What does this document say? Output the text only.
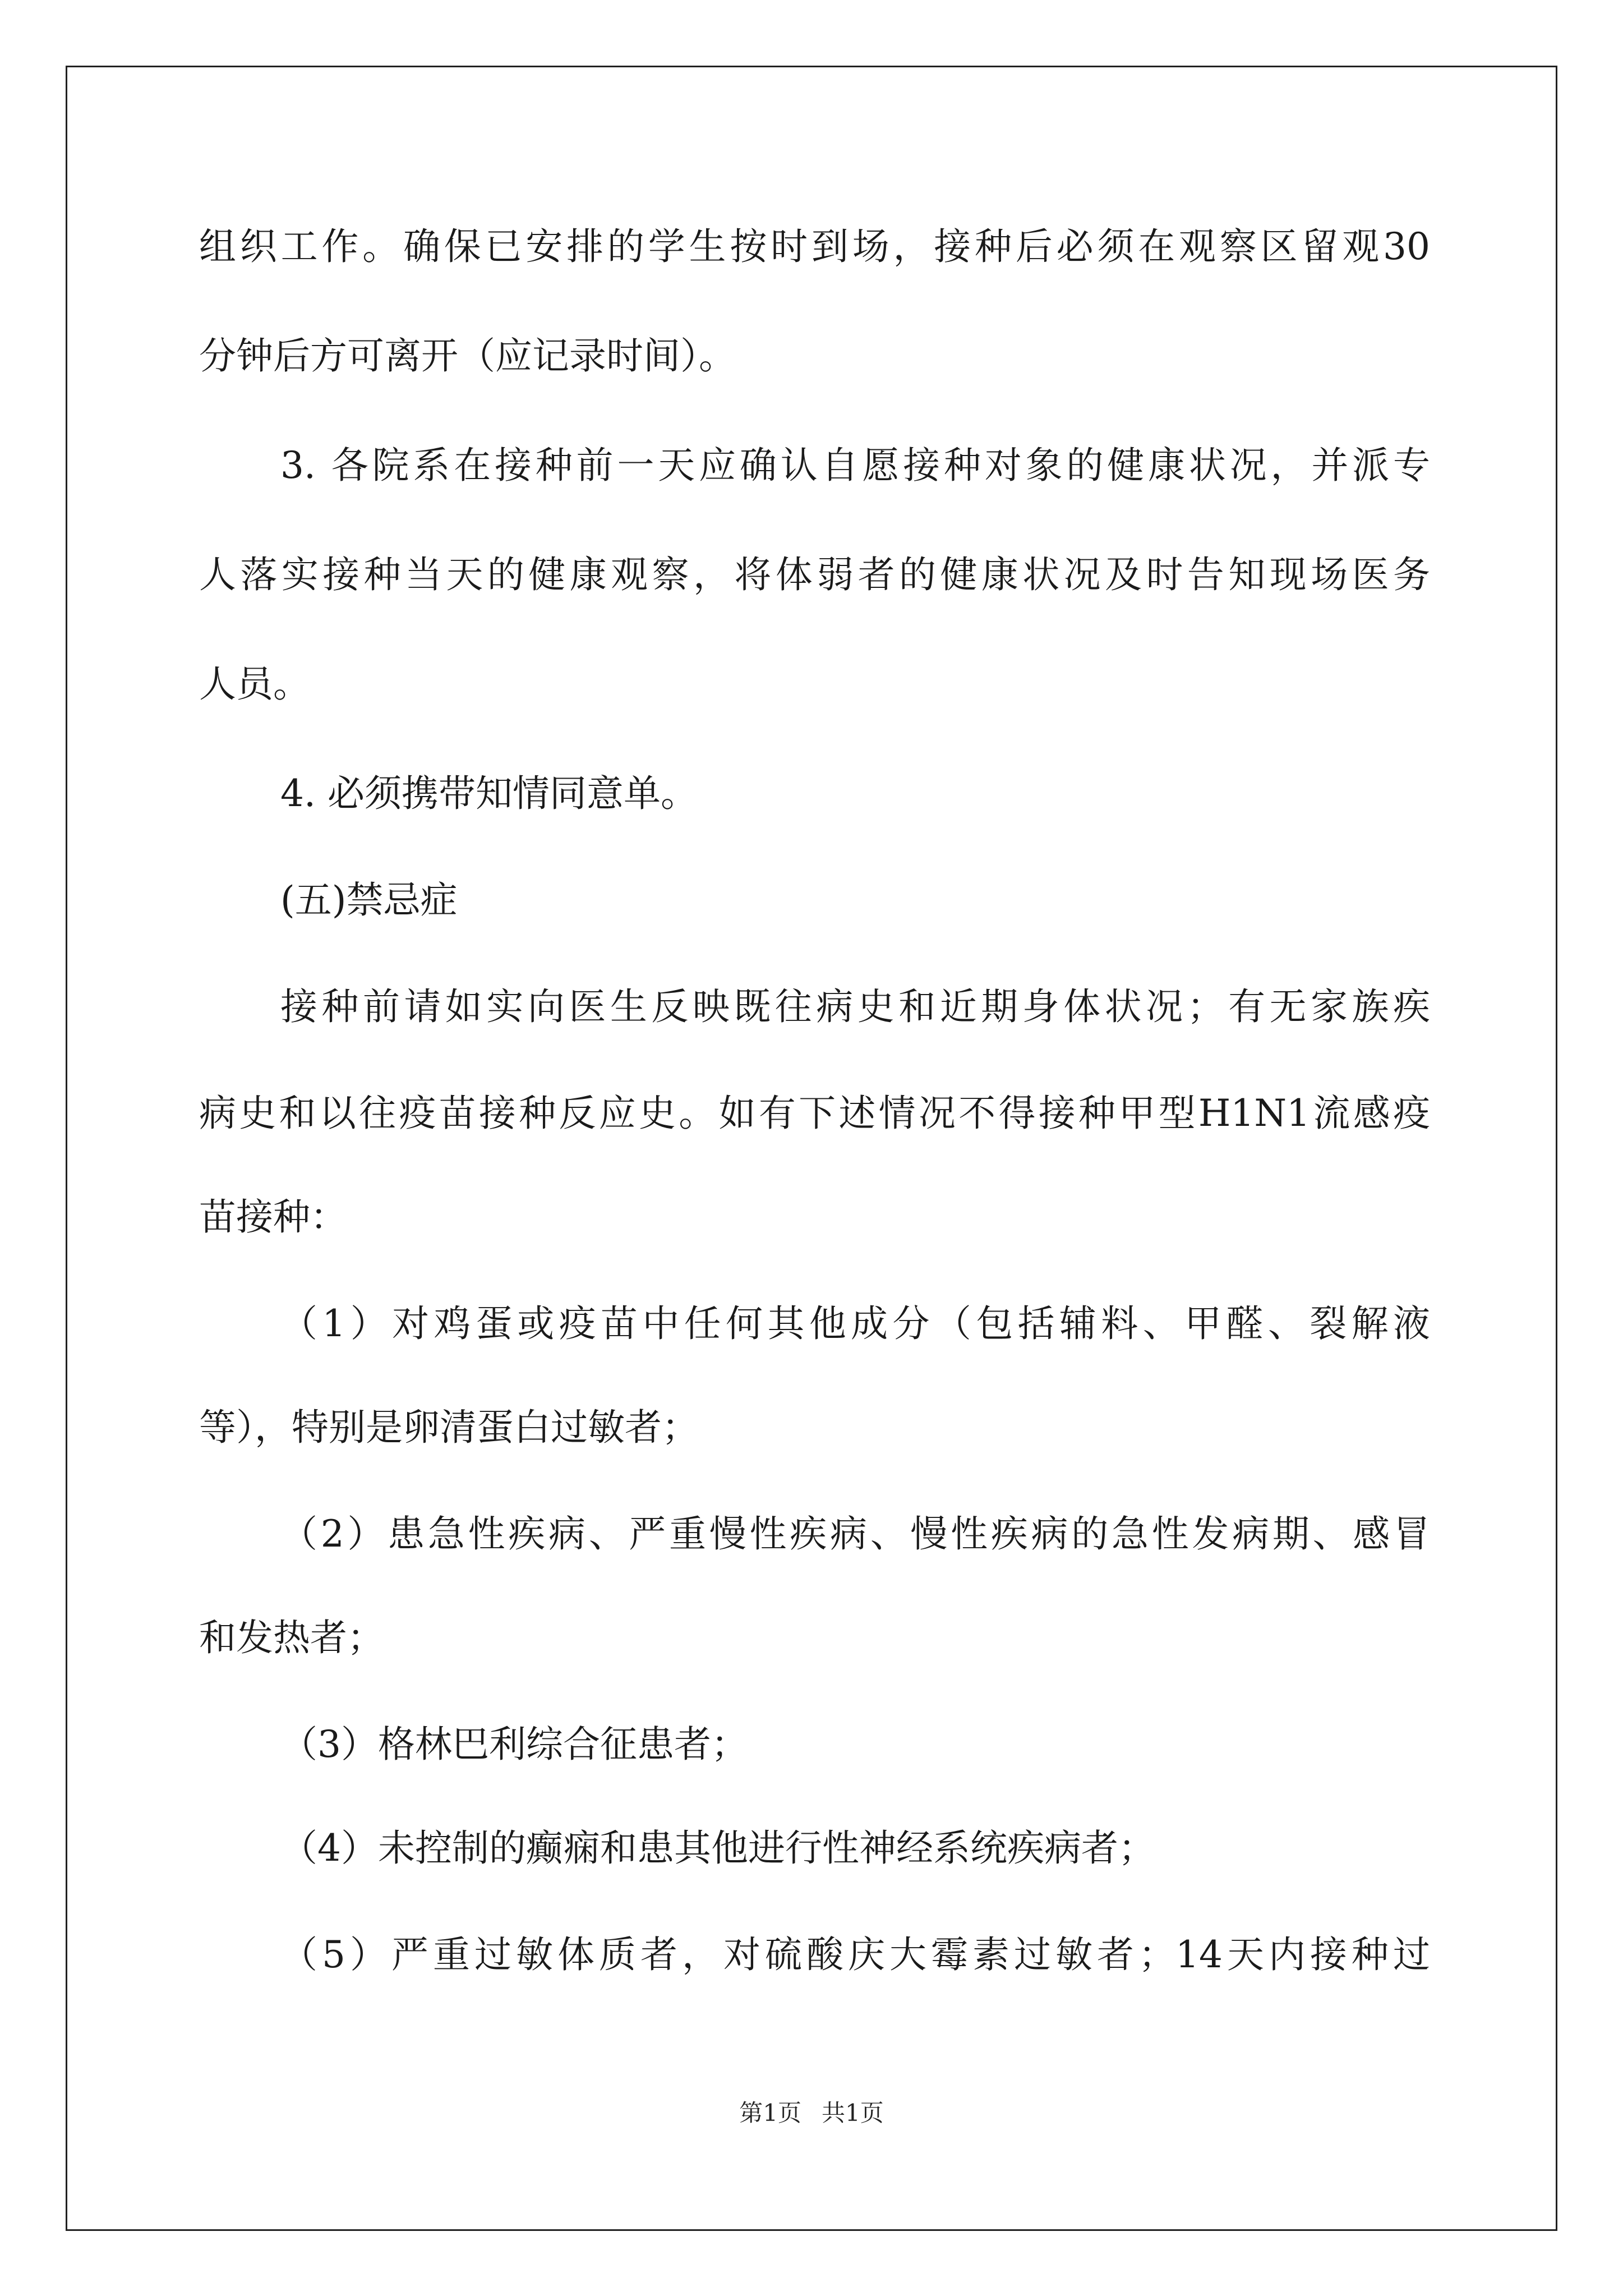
组织工作。确保已安排的学生按时到场，接种后必须在观察区留观30
分钟后方可离开（应记录时间）。
3. 各院系在接种前一天应确认自愿接种对象的健康状况，并派专
人落实接种当天的健康观察，将体弱者的健康状况及时告知现场医务
人员。
4. 必须携带知情同意单。
(五)禁忌症
接种前请如实向医生反映既往病史和近期身体状况；有无家族疾
病史和以往疫苗接种反应史。如有下述情况不得接种甲型H1N1流感疫
苗接种：
（1）对鸡蛋或疫苗中任何其他成分（包括辅料、甲醛、裂解液
等），特别是卵清蛋白过敏者；
（2）患急性疾病、严重慢性疾病、慢性疾病的急性发病期、感冒
和发热者；
（3）格林巴利综合征患者；
（4）未控制的癫痫和患其他进行性神经系统疾病者；
（5）严重过敏体质者，对硫酸庆大霉素过敏者；14天内接种过
第1页 共1页
